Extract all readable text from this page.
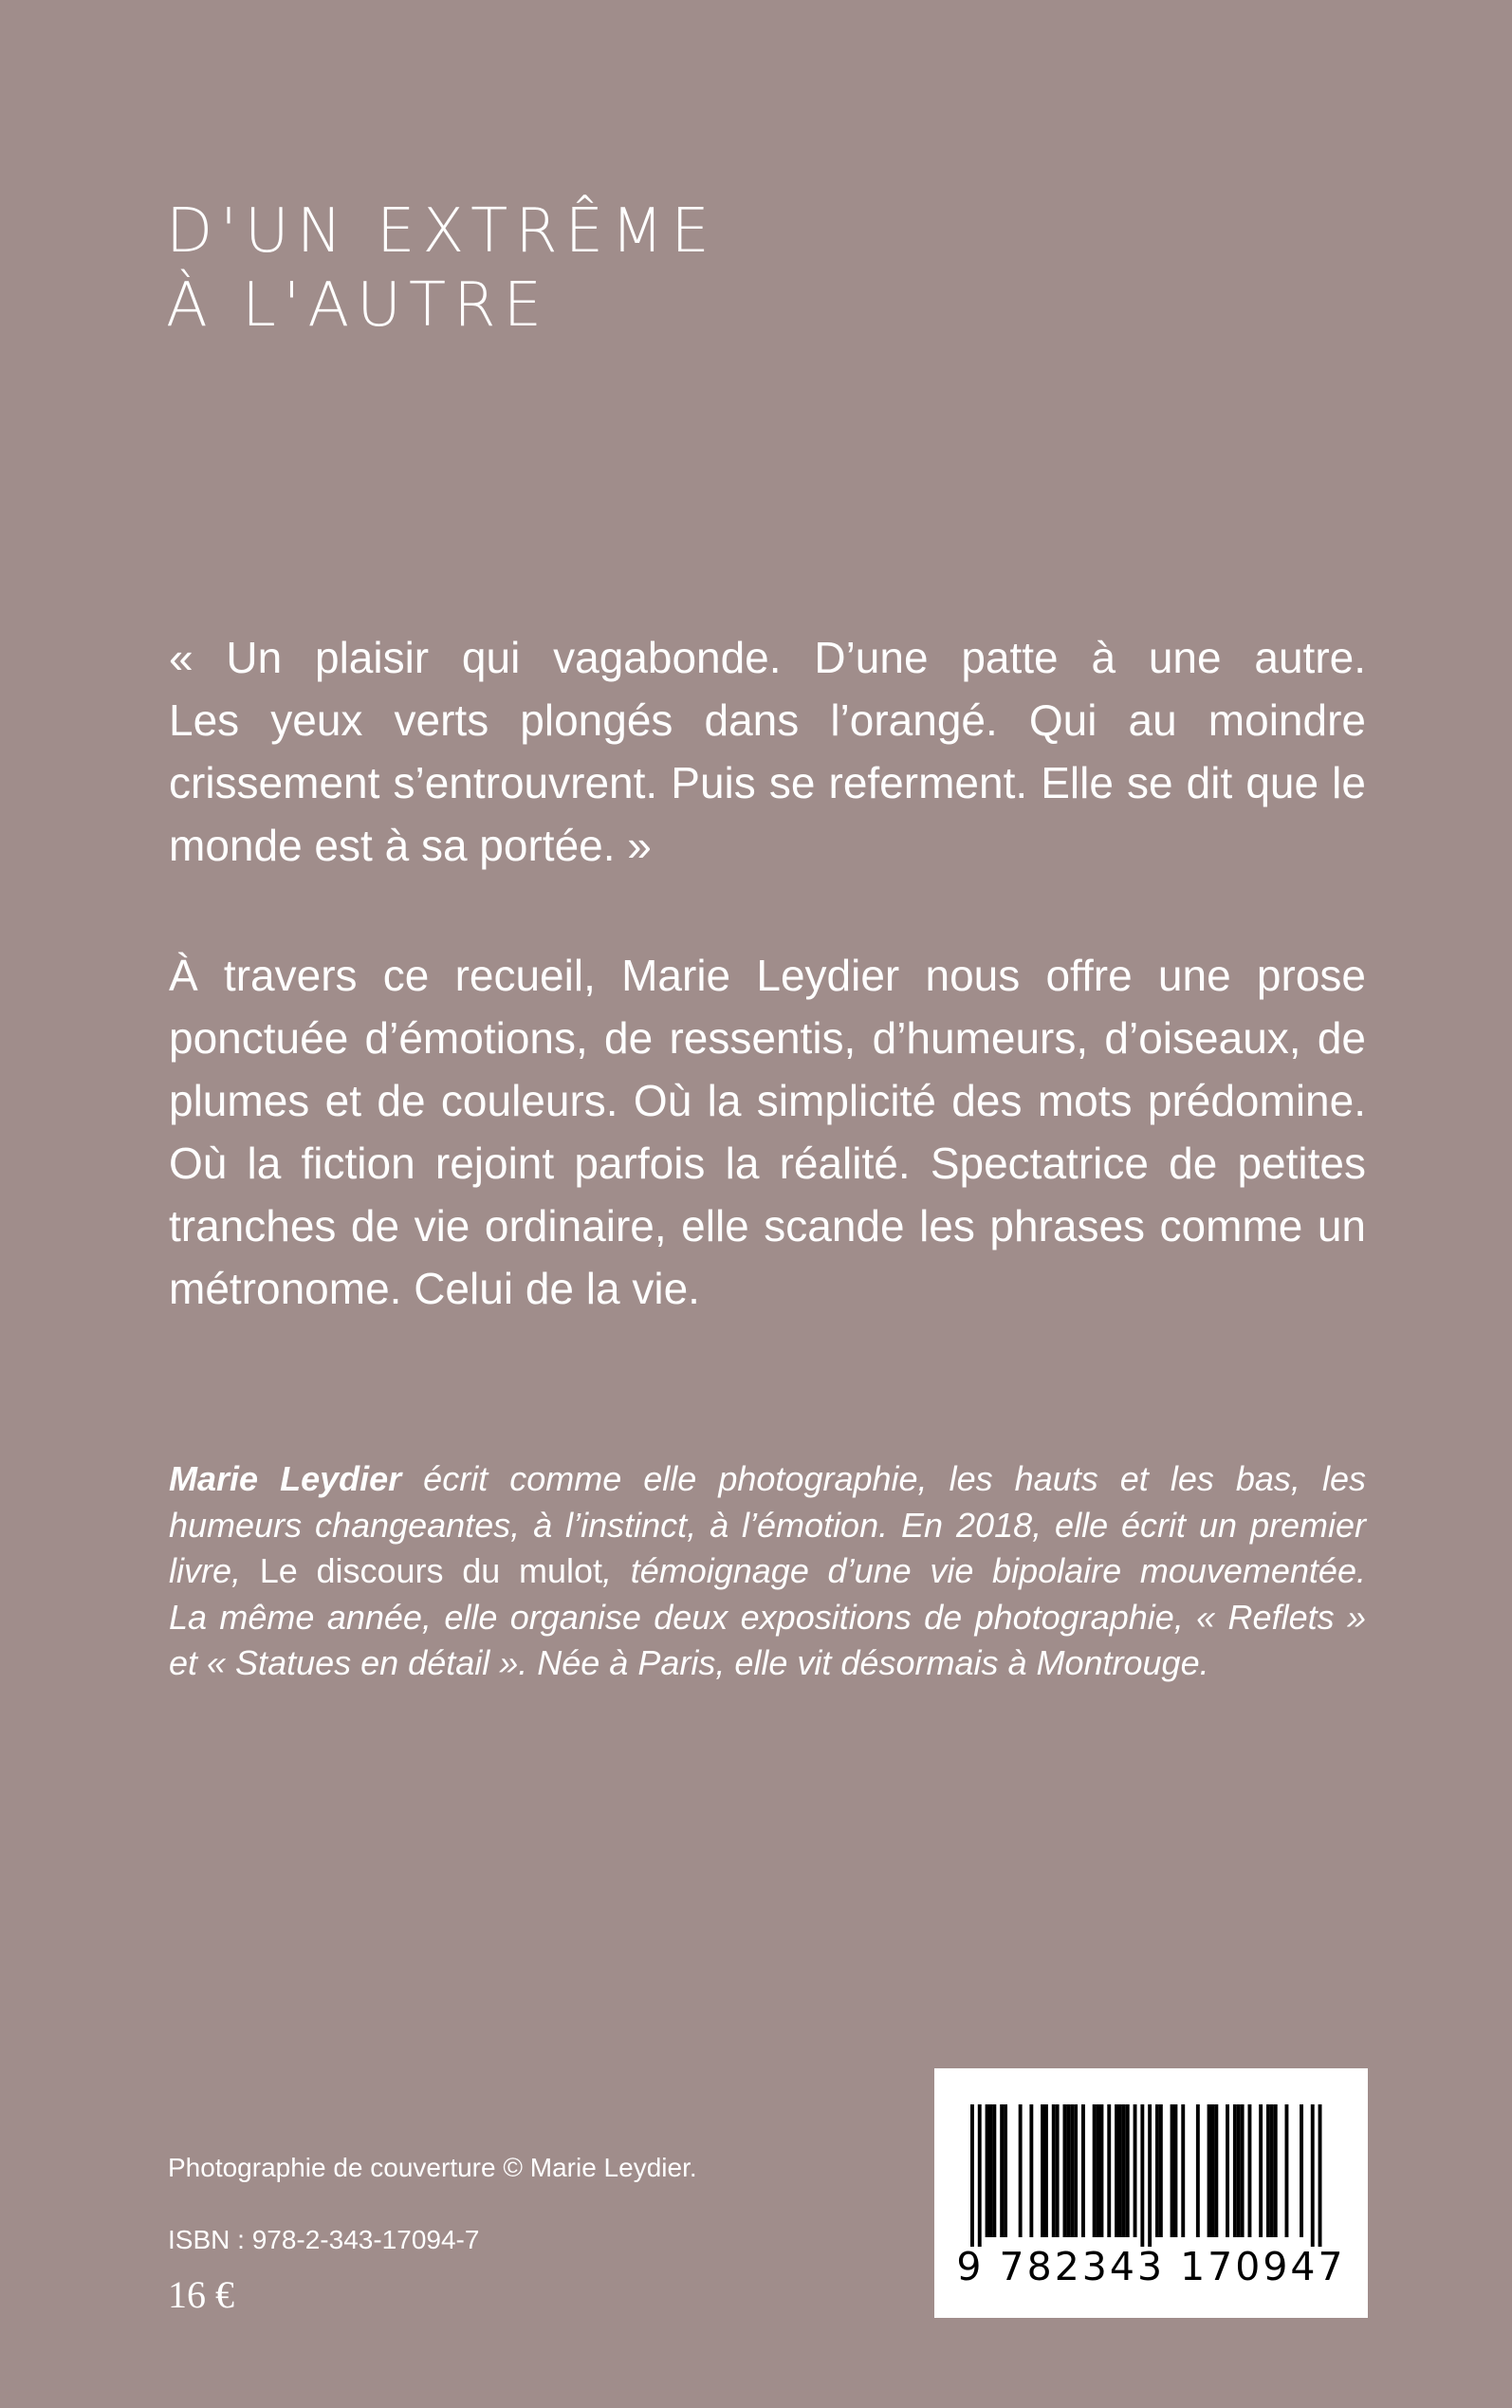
D'UN EXTRÊME
À L'AUTRE
« Un plaisir qui vagabonde. D’une patte à une autre.
Les yeux verts plongés dans l’orangé. Qui au moindre
crissement s’entrouvrent. Puis se referment. Elle se dit que le
monde est à sa portée. »
À travers ce recueil, Marie Leydier nous offre une prose
ponctuée d’émotions, de ressentis, d’humeurs, d’oiseaux, de
plumes et de couleurs. Où la simplicité des mots prédomine.
Où la fiction rejoint parfois la réalité. Spectatrice de petites
tranches de vie ordinaire, elle scande les phrases comme un
métronome. Celui de la vie.
Marie Leydier écrit comme elle photographie, les hauts et les bas, les
humeurs changeantes, à l’instinct, à l’émotion. En 2018, elle écrit un premier
livre, Le discours du mulot, témoignage d’une vie bipolaire mouvementée.
La même année, elle organise deux expositions de photographie, « Reflets »
et « Statues en détail ». Née à Paris, elle vit désormais à Montrouge.
Photographie de couverture © Marie Leydier.
ISBN : 978-2-343-17094-7
16 €
9 782343 170947
